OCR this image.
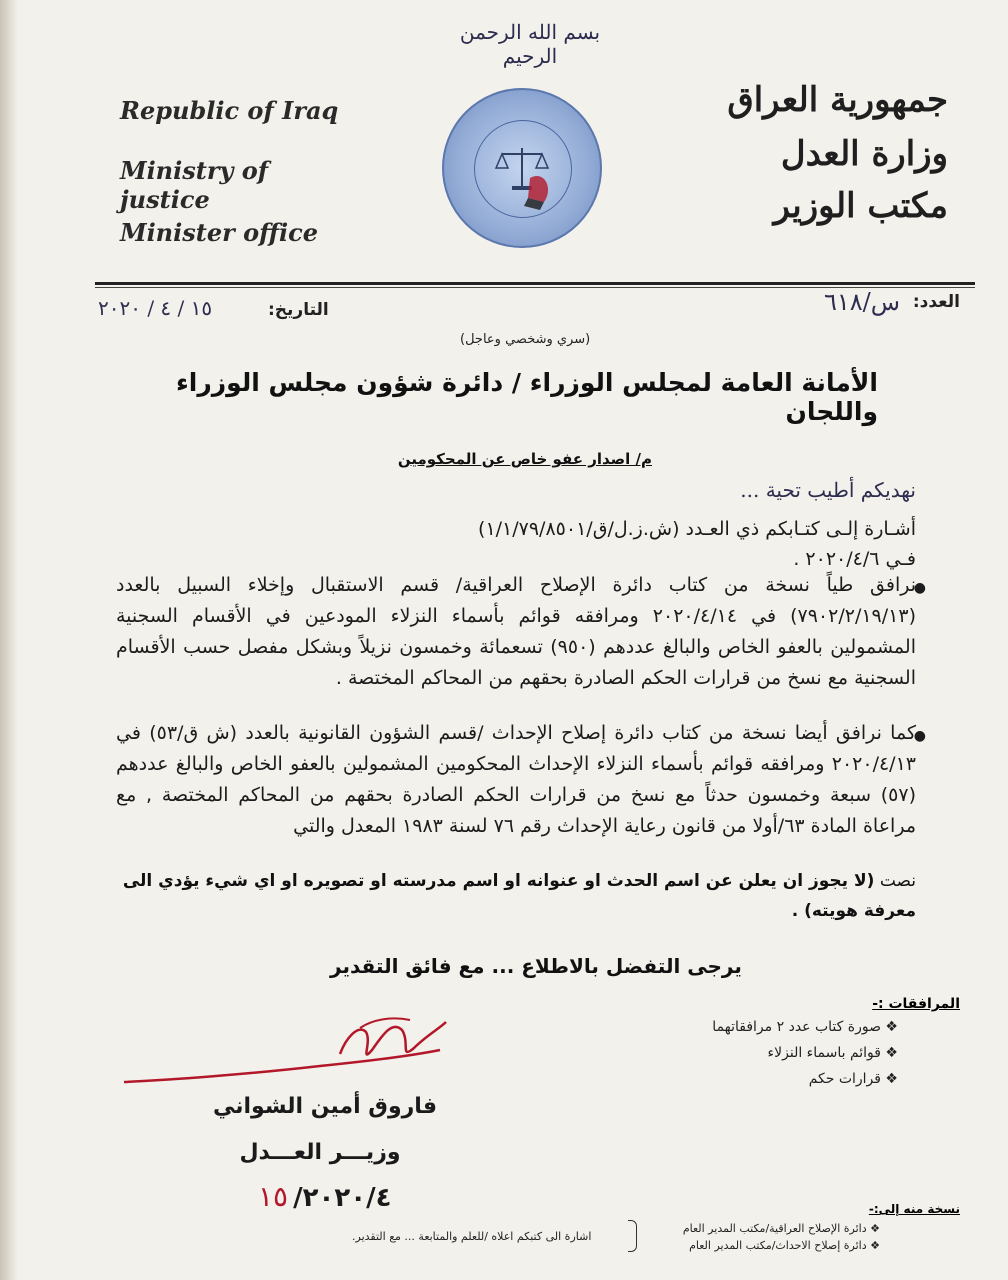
بسم الله الرحمن الرحيم
Republic of Iraq
Ministry of justice
Minister office
جمهورية العراق
وزارة العدل
مكتب الوزير
العدد:
س/٦١٨
التاريخ:
١٥ / ٤ / ٢٠٢٠
(سري وشخصي وعاجل)
الأمانة العامة لمجلس الوزراء / دائرة شؤون مجلس الوزراء واللجان
م/ اصدار عفو خاص عن المحكومين
نهديكم أطيب تحية ...
أشـارة إلـى كتـابكم ذي العـدد (ش.ز.ل/ق/١/١/٧٩/٨٥٠١)
فـي ٢٠٢٠/٤/٦ .
●
نرافق طياً نسخة من كتاب دائرة الإصلاح العراقية/ قسم الاستقبال وإخلاء السبيل بالعدد (٧٩٠٢/٢/١٩/١٣) في ٢٠٢٠/٤/١٤ ومرافقه قوائم بأسماء النزلاء المودعين في الأقسام السجنية المشمولين بالعفو الخاص والبالغ عددهم (٩٥٠) تسعمائة وخمسون نزيلاً وبشكل مفصل حسب الأقسام السجنية مع نسخ من قرارات الحكم الصادرة بحقهم من المحاكم المختصة .
●
كما نرافق أيضا نسخة من كتاب دائرة إصلاح الإحداث /قسم الشؤون القانونية بالعدد (ش ق/٥٣) في ٢٠٢٠/٤/١٣ ومرافقه قوائم بأسماء النزلاء الإحداث المحكومين المشمولين بالعفو الخاص والبالغ عددهم (٥٧) سبعة وخمسون حدثاً مع نسخ من قرارات الحكم الصادرة بحقهم من المحاكم المختصة , مع مراعاة المادة ٦٣/أولا من قانون رعاية الإحداث رقم ٧٦ لسنة ١٩٨٣ المعدل والتي
نصت (لا يجوز ان يعلن عن اسم الحدث او عنوانه او اسم مدرسته او تصويره او اي شيء يؤدي الى
معرفة هويته) .
يرجى التفضل بالاطلاع ... مع فائق التقدير
المرافقات :-
❖ صورة كتاب عدد ٢ مرافقاتهما
❖ قوائم باسماء النزلاء
❖ قرارات حكم
فاروق أمين الشواني
وزيـــر العـــدل
٢٠٢٠/٤/ ١٥	نسخة منه إلى:-
❖ دائرة الإصلاح العراقية/مكتب المدير العام
❖ دائرة إصلاح الاحداث/مكتب المدير العام
اشارة الى كتبكم اعلاه /للعلم والمتابعة ... مع التقدير.
